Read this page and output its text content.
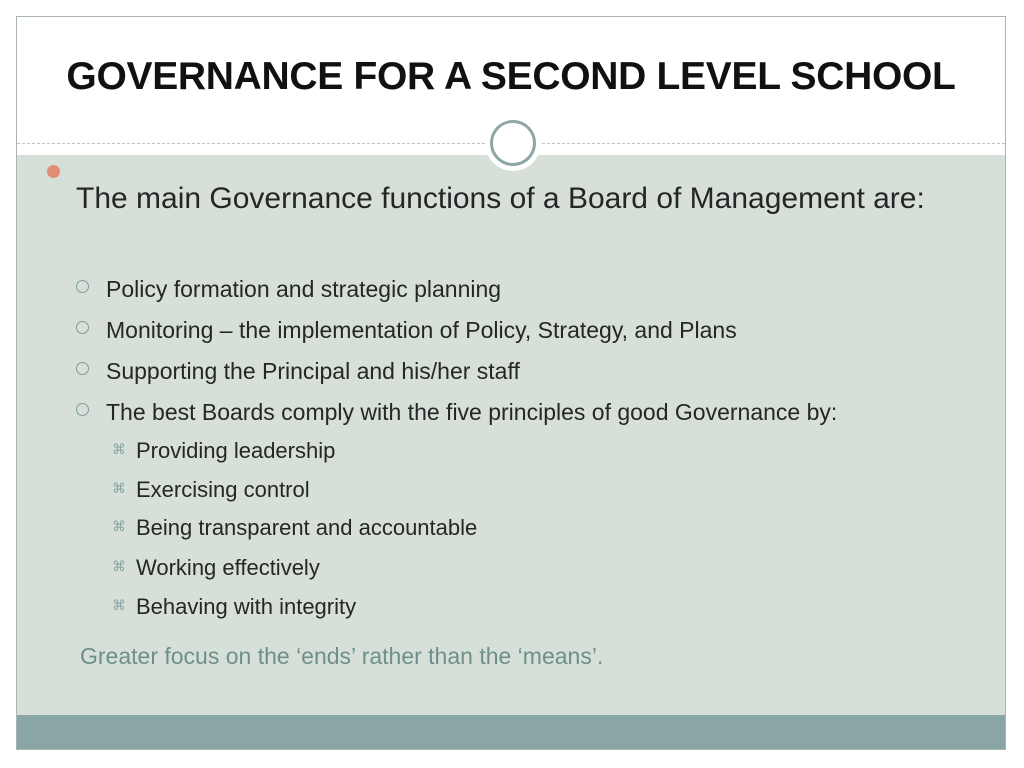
GOVERNANCE FOR A SECOND LEVEL SCHOOL
The main Governance functions of a Board of Management are:
Policy formation and strategic planning
Monitoring – the implementation of Policy, Strategy, and Plans
Supporting the Principal and his/her staff
The best Boards comply with the five principles of good Governance by:
⌘ Providing leadership
⌘ Exercising control
⌘ Being transparent and accountable
⌘ Working effectively
⌘ Behaving with integrity
Greater focus on the ‘ends’ rather than the ‘means’.
